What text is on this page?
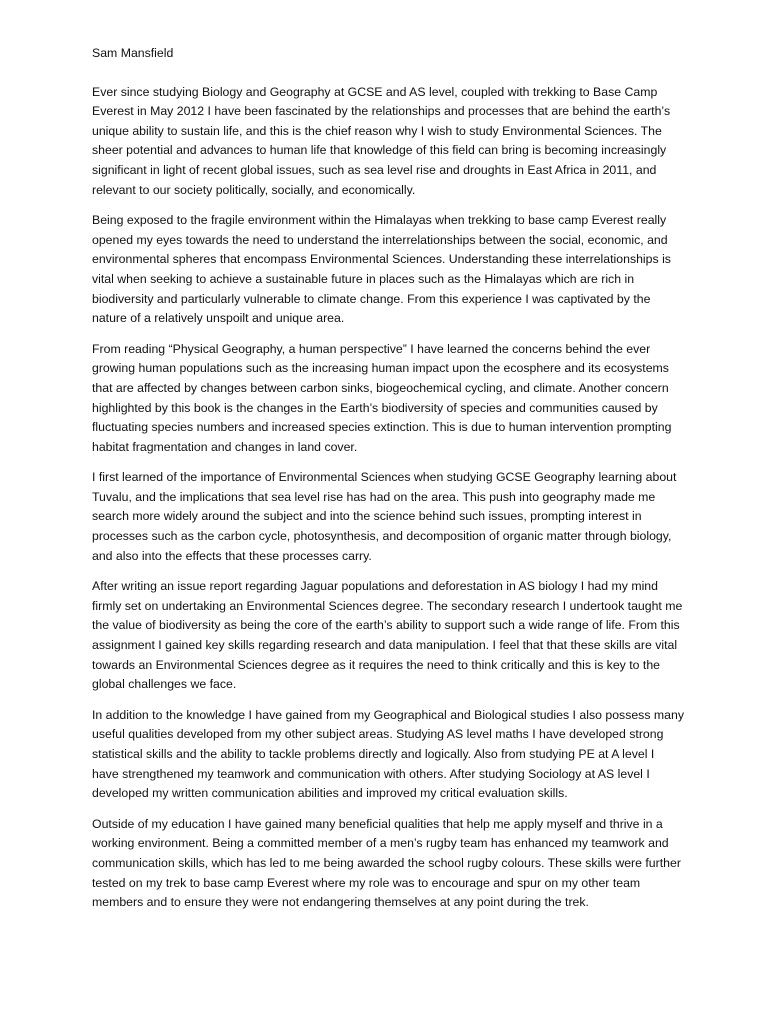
Sam Mansfield

Ever since studying Biology and Geography at GCSE and AS level, coupled with trekking to Base Camp Everest in May 2012 I have been fascinated by the relationships and processes that are behind the earth’s unique ability to sustain life, and this is the chief reason why I wish to study Environmental Sciences. The sheer potential and advances to human life that knowledge of this field can bring is becoming increasingly significant in light of recent global issues, such as sea level rise and droughts in East Africa in 2011, and relevant to our society politically, socially, and economically.

Being exposed to the fragile environment within the Himalayas when trekking to base camp Everest really opened my eyes towards the need to understand the interrelationships between the social, economic, and environmental spheres that encompass Environmental Sciences. Understanding these interrelationships is vital when seeking to achieve a sustainable future in places such as the Himalayas which are rich in biodiversity and particularly vulnerable to climate change. From this experience I was captivated by the nature of a relatively unspoilt and unique area.

From reading “Physical Geography, a human perspective” I have learned the concerns behind the ever growing human populations such as the increasing human impact upon the ecosphere and its ecosystems that are affected by changes between carbon sinks, biogeochemical cycling, and climate. Another concern highlighted by this book is the changes in the Earth’s biodiversity of species and communities caused by fluctuating species numbers and increased species extinction. This is due to human intervention prompting habitat fragmentation and changes in land cover.

I first learned of the importance of Environmental Sciences when studying GCSE Geography learning about Tuvalu, and the implications that sea level rise has had on the area. This push into geography made me search more widely around the subject and into the science behind such issues, prompting interest in processes such as the carbon cycle, photosynthesis, and decomposition of organic matter through biology, and also into the effects that these processes carry.

After writing an issue report regarding Jaguar populations and deforestation in AS biology I had my mind firmly set on undertaking an Environmental Sciences degree. The secondary research I undertook taught me the value of biodiversity as being the core of the earth’s ability to support such a wide range of life. From this assignment I gained key skills regarding research and data manipulation. I feel that that these skills are vital towards an Environmental Sciences degree as it requires the need to think critically and this is key to the global challenges we face.

In addition to the knowledge I have gained from my Geographical and Biological studies I also possess many useful qualities developed from my other subject areas. Studying AS level maths I have developed strong statistical skills and the ability to tackle problems directly and logically. Also from studying PE at A level I have strengthened my teamwork and communication with others. After studying Sociology at AS level I developed my written communication abilities and improved my critical evaluation skills.

Outside of my education I have gained many beneficial qualities that help me apply myself and thrive in a working environment. Being a committed member of a men’s rugby team has enhanced my teamwork and communication skills, which has led to me being awarded the school rugby colours. These skills were further tested on my trek to base camp Everest where my role was to encourage and spur on my other team members and to ensure they were not endangering themselves at any point during the trek.
